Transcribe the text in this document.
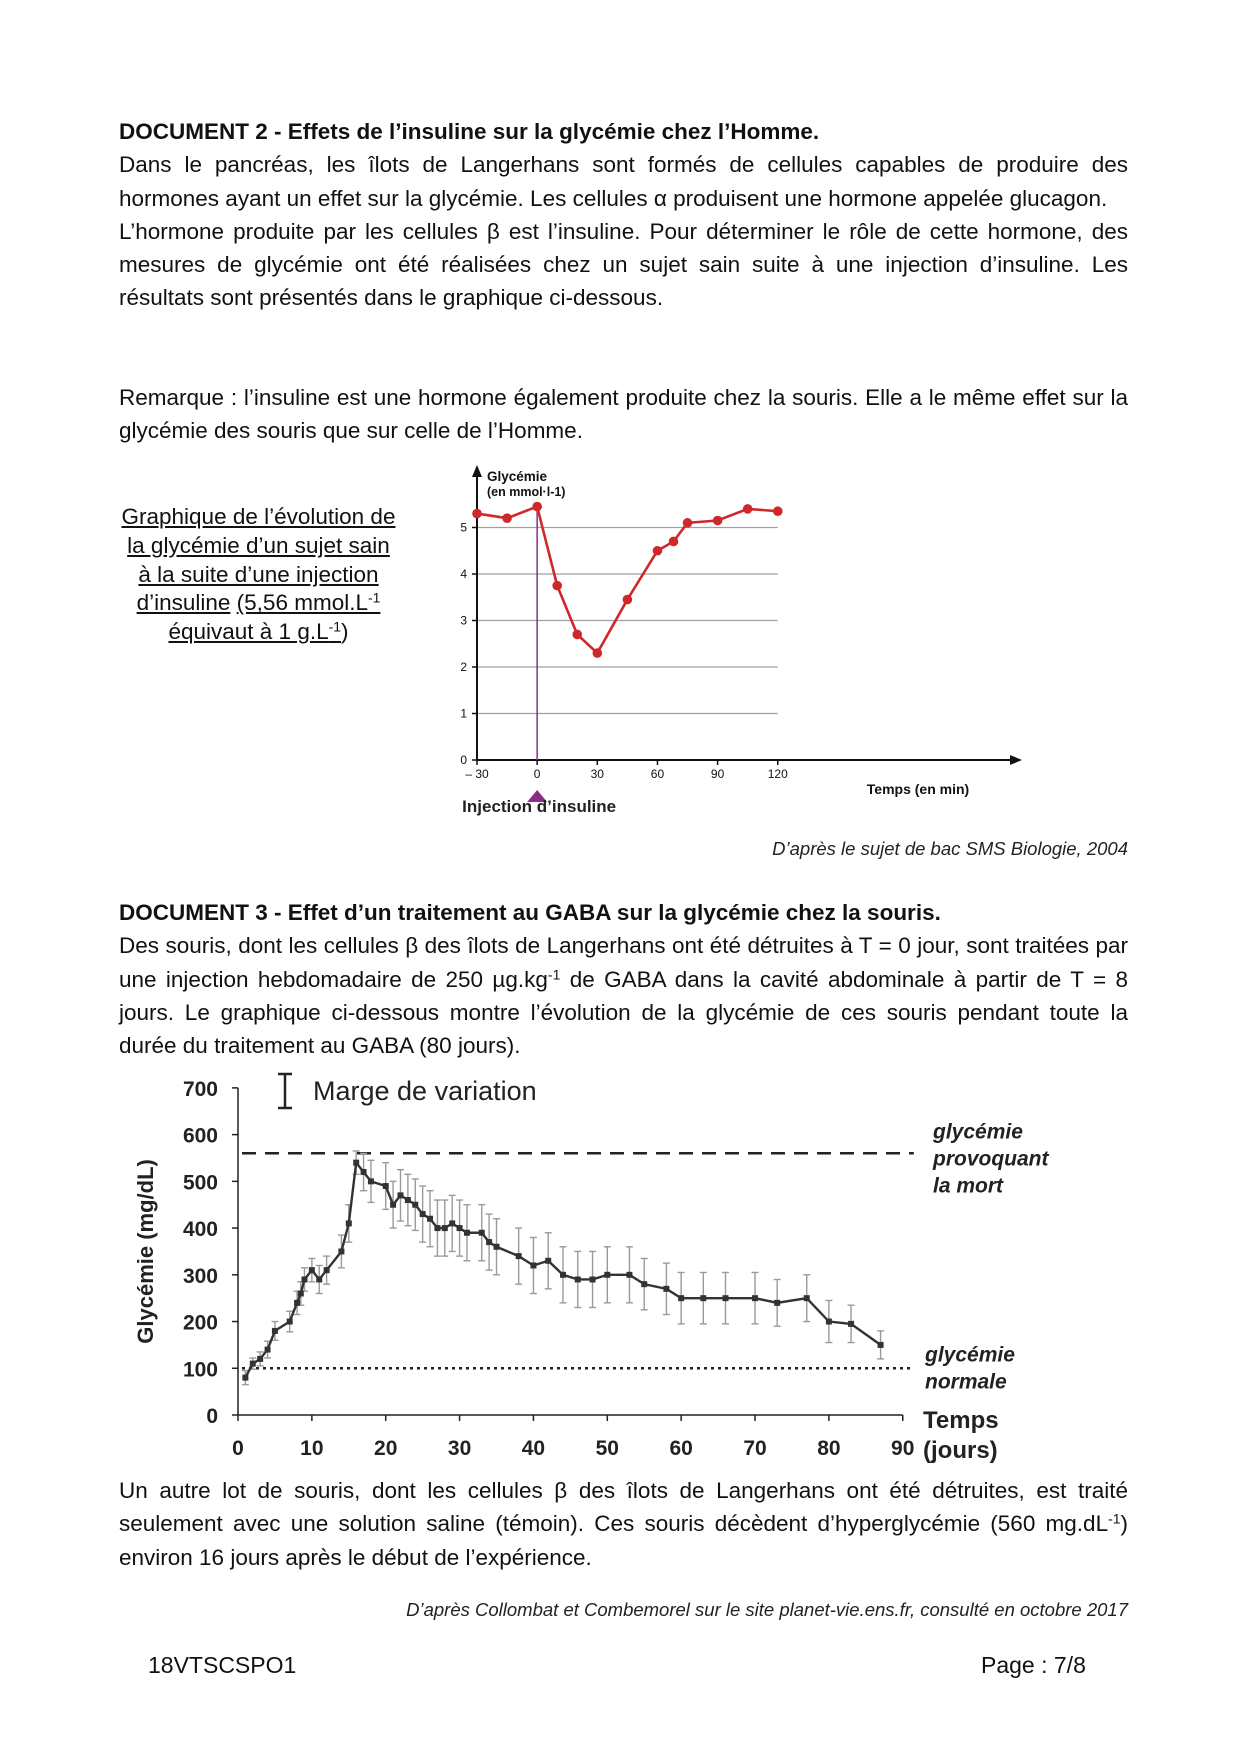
DOCUMENT 2 - Effets de l’insuline sur la glycémie chez l’Homme.

Dans le pancréas, les îlots de Langerhans sont formés de cellules capables de produire des hormones ayant un effet sur la glycémie. Les cellules α produisent une hormone appelée glucagon.

L’hormone produite par les cellules β est l’insuline. Pour déterminer le rôle de cette hormone, des mesures de glycémie ont été réalisées chez un sujet sain suite à une injection d’insuline. Les résultats sont présentés dans le graphique ci-dessous.

Remarque : l’insuline est une hormone également produite chez la souris. Elle a le même effet sur la glycémie des souris que sur celle de l’Homme.

Graphique de l’évolution de la glycémie d’un sujet sain à la suite d’une injection d’insuline (5,56 $mmol.L^{-1}$ équivaut à 1 $g.L^{-1}$)
0
1
2
3
4
5
– 30	0	30	60	90	120
Glycémie
(en mmol·l-1)
Temps (en min)
Injection d’insuline
D’après le sujet de bac SMS Biologie, 2004

DOCUMENT 3 - Effet d’un traitement au GABA sur la glycémie chez la souris.

Des souris, dont les cellules β des îlots de Langerhans ont été détruites à T = 0 jour, sont traitées par une injection hebdomadaire de 250 $\mu g.kg^{-1}$ de GABA dans la cavité abdominale à partir de T = 8 jours. Le graphique ci-dessous montre l’évolution de la glycémie de ces souris pendant toute la durée du traitement au GABA (80 jours).

0
100
200
300
400
500
600
700
0	10 20 30 40 50 60 70 80 90
Glycémie (mg/dL)
Temps
(jours)
Marge de variation
glycémie
provoquant
la mort
glycémie
normale

Un autre lot de souris, dont les cellules β des îlots de Langerhans ont été détruites, est traité seulement avec une solution saline (témoin). Ces souris décèdent d’hyperglycémie (560 $mg.dL^{-1}$) environ 16 jours après le début de l’expérience.

D’après Collombat et Combemorel sur le site planet-vie.ens.fr, consulté en octobre 2017
18VTSCSPO1	Page : 7/8
